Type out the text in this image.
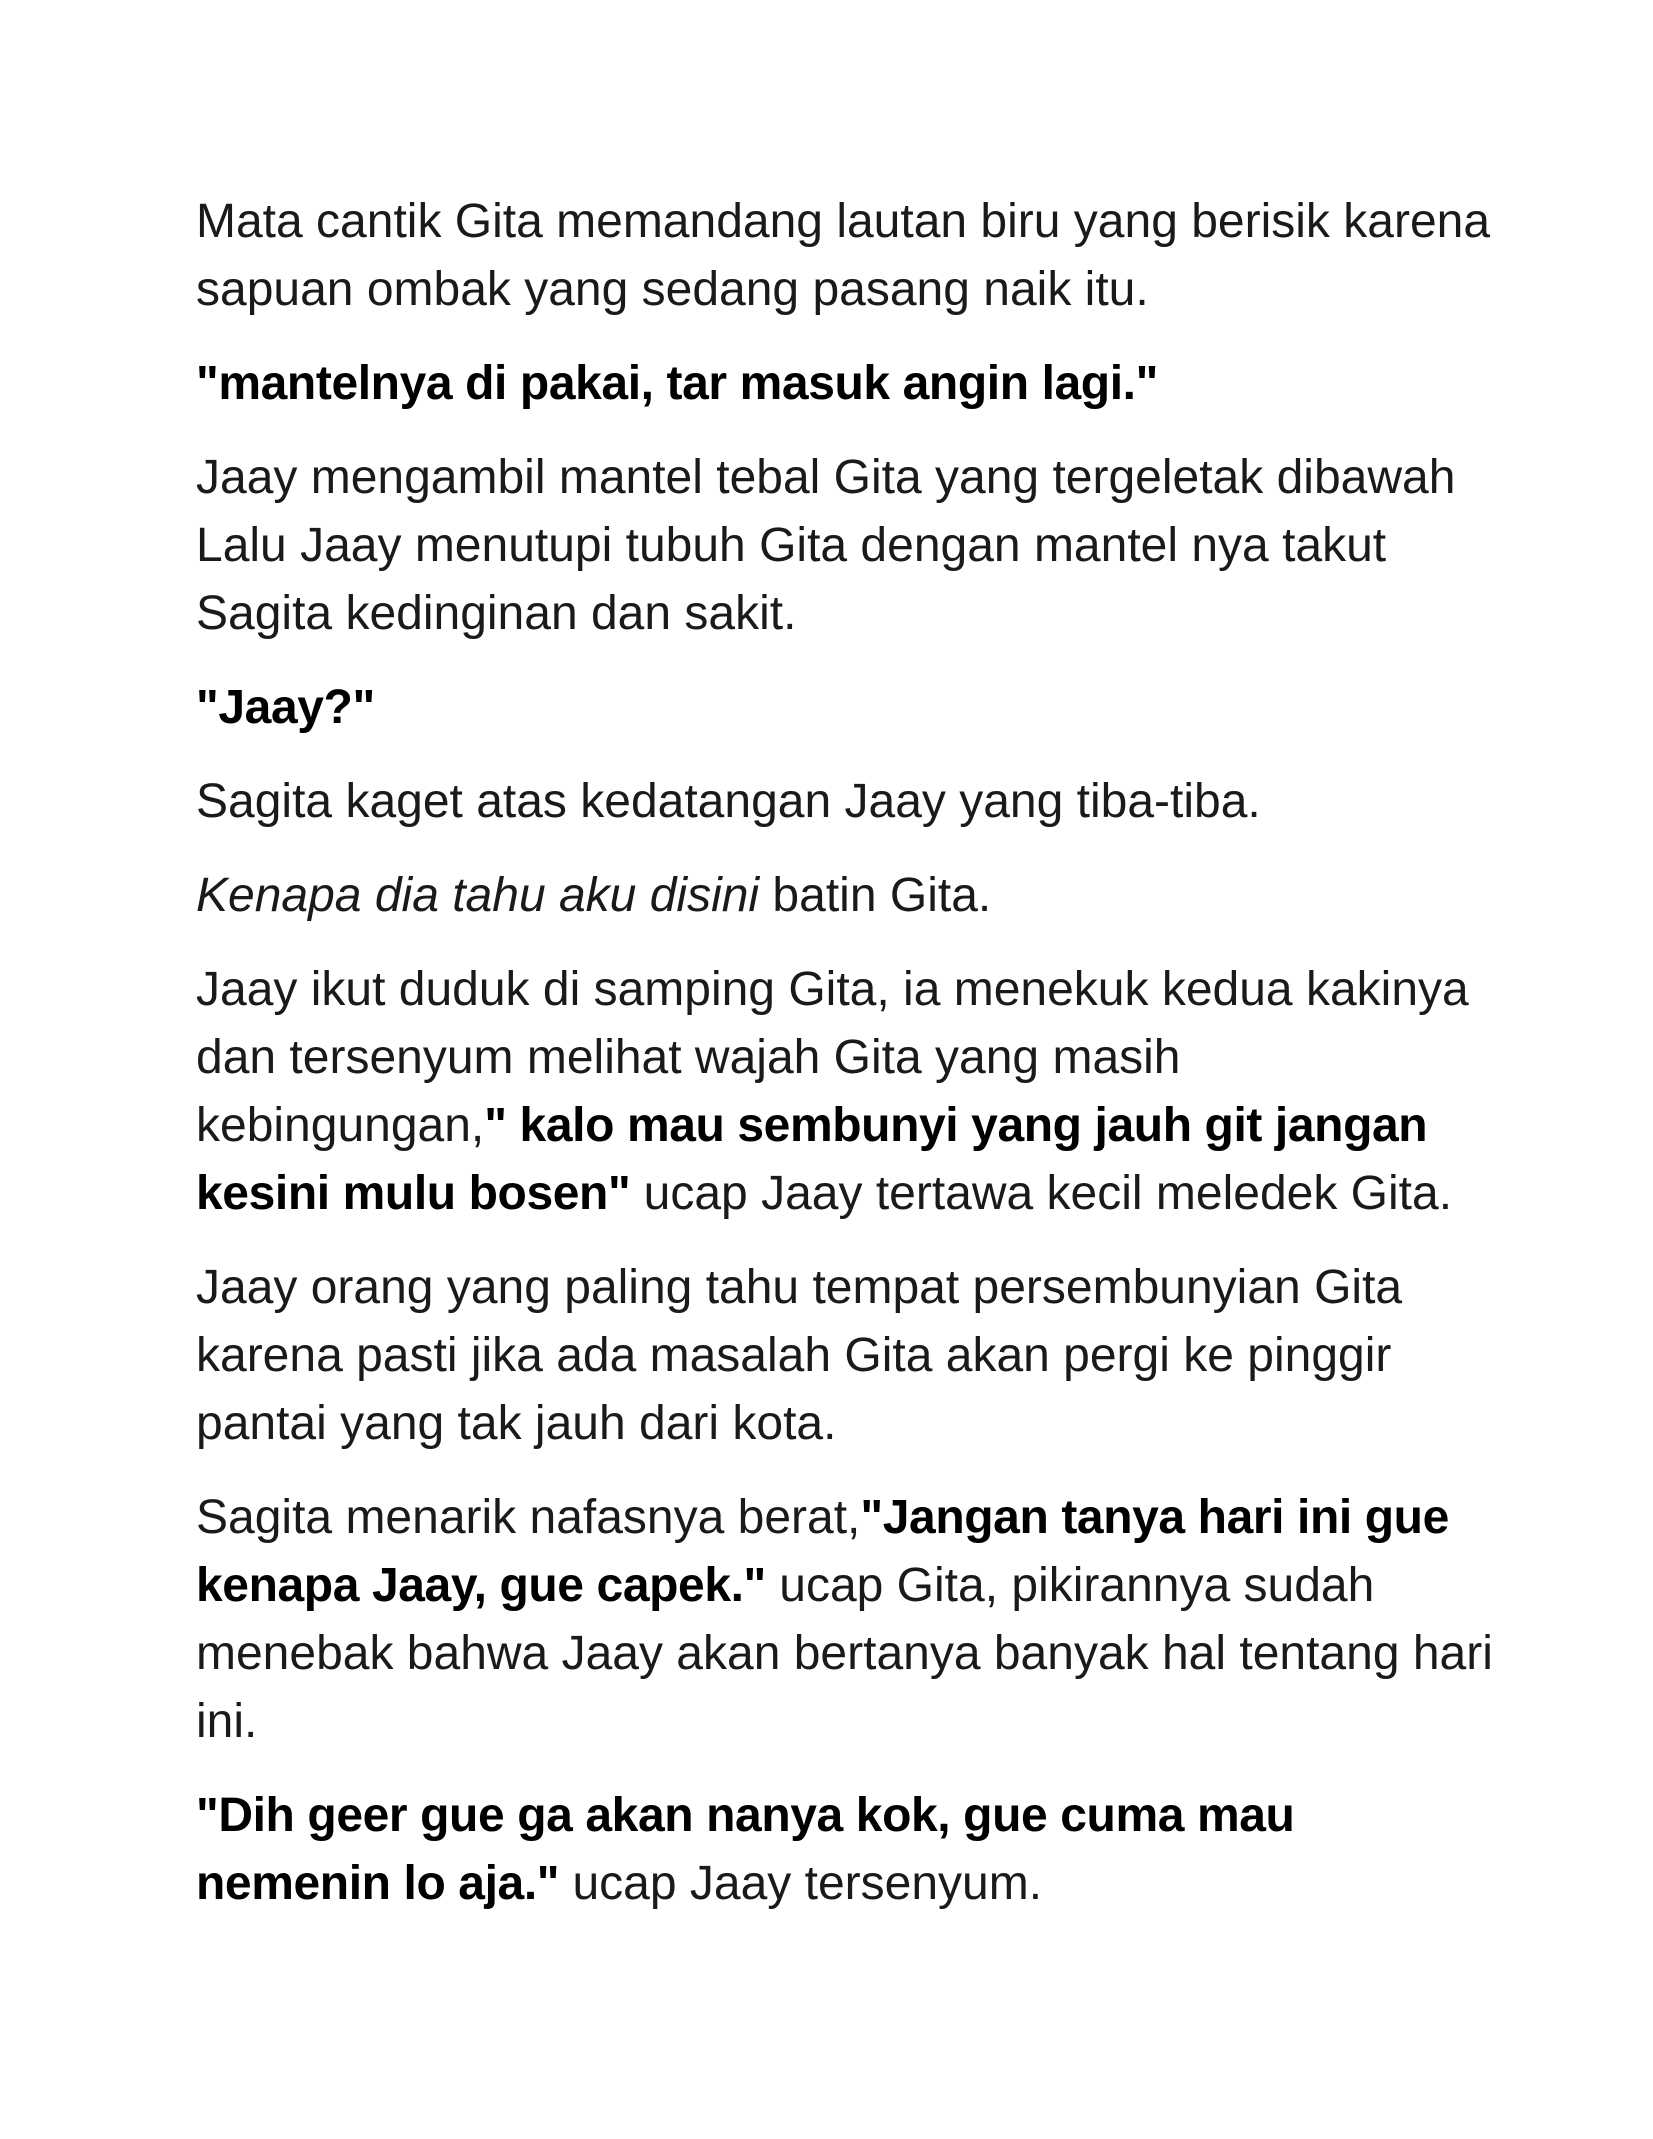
Mata cantik Gita memandang lautan biru yang berisik karena sapuan ombak yang sedang pasang naik itu.

"mantelnya di pakai, tar masuk angin lagi."

Jaay mengambil mantel tebal Gita yang tergeletak dibawah Lalu Jaay menutupi tubuh Gita dengan mantel nya takut Sagita kedinginan dan sakit.

"Jaay?"

Sagita kaget atas kedatangan Jaay yang tiba-tiba.

Kenapa dia tahu aku disini batin Gita.

Jaay ikut duduk di samping Gita, ia menekuk kedua kakinya dan tersenyum melihat wajah Gita yang masih kebingungan," kalo mau sembunyi yang jauh git jangan kesini mulu bosen" ucap Jaay tertawa kecil meledek Gita.

Jaay orang yang paling tahu tempat persembunyian Gita karena pasti jika ada masalah Gita akan pergi ke pinggir pantai yang tak jauh dari kota.

Sagita menarik nafasnya berat,"Jangan tanya hari ini gue kenapa Jaay, gue capek." ucap Gita, pikirannya sudah menebak bahwa Jaay akan bertanya banyak hal tentang hari ini.

"Dih geer gue ga akan nanya kok, gue cuma mau nemenin lo aja." ucap Jaay tersenyum.
